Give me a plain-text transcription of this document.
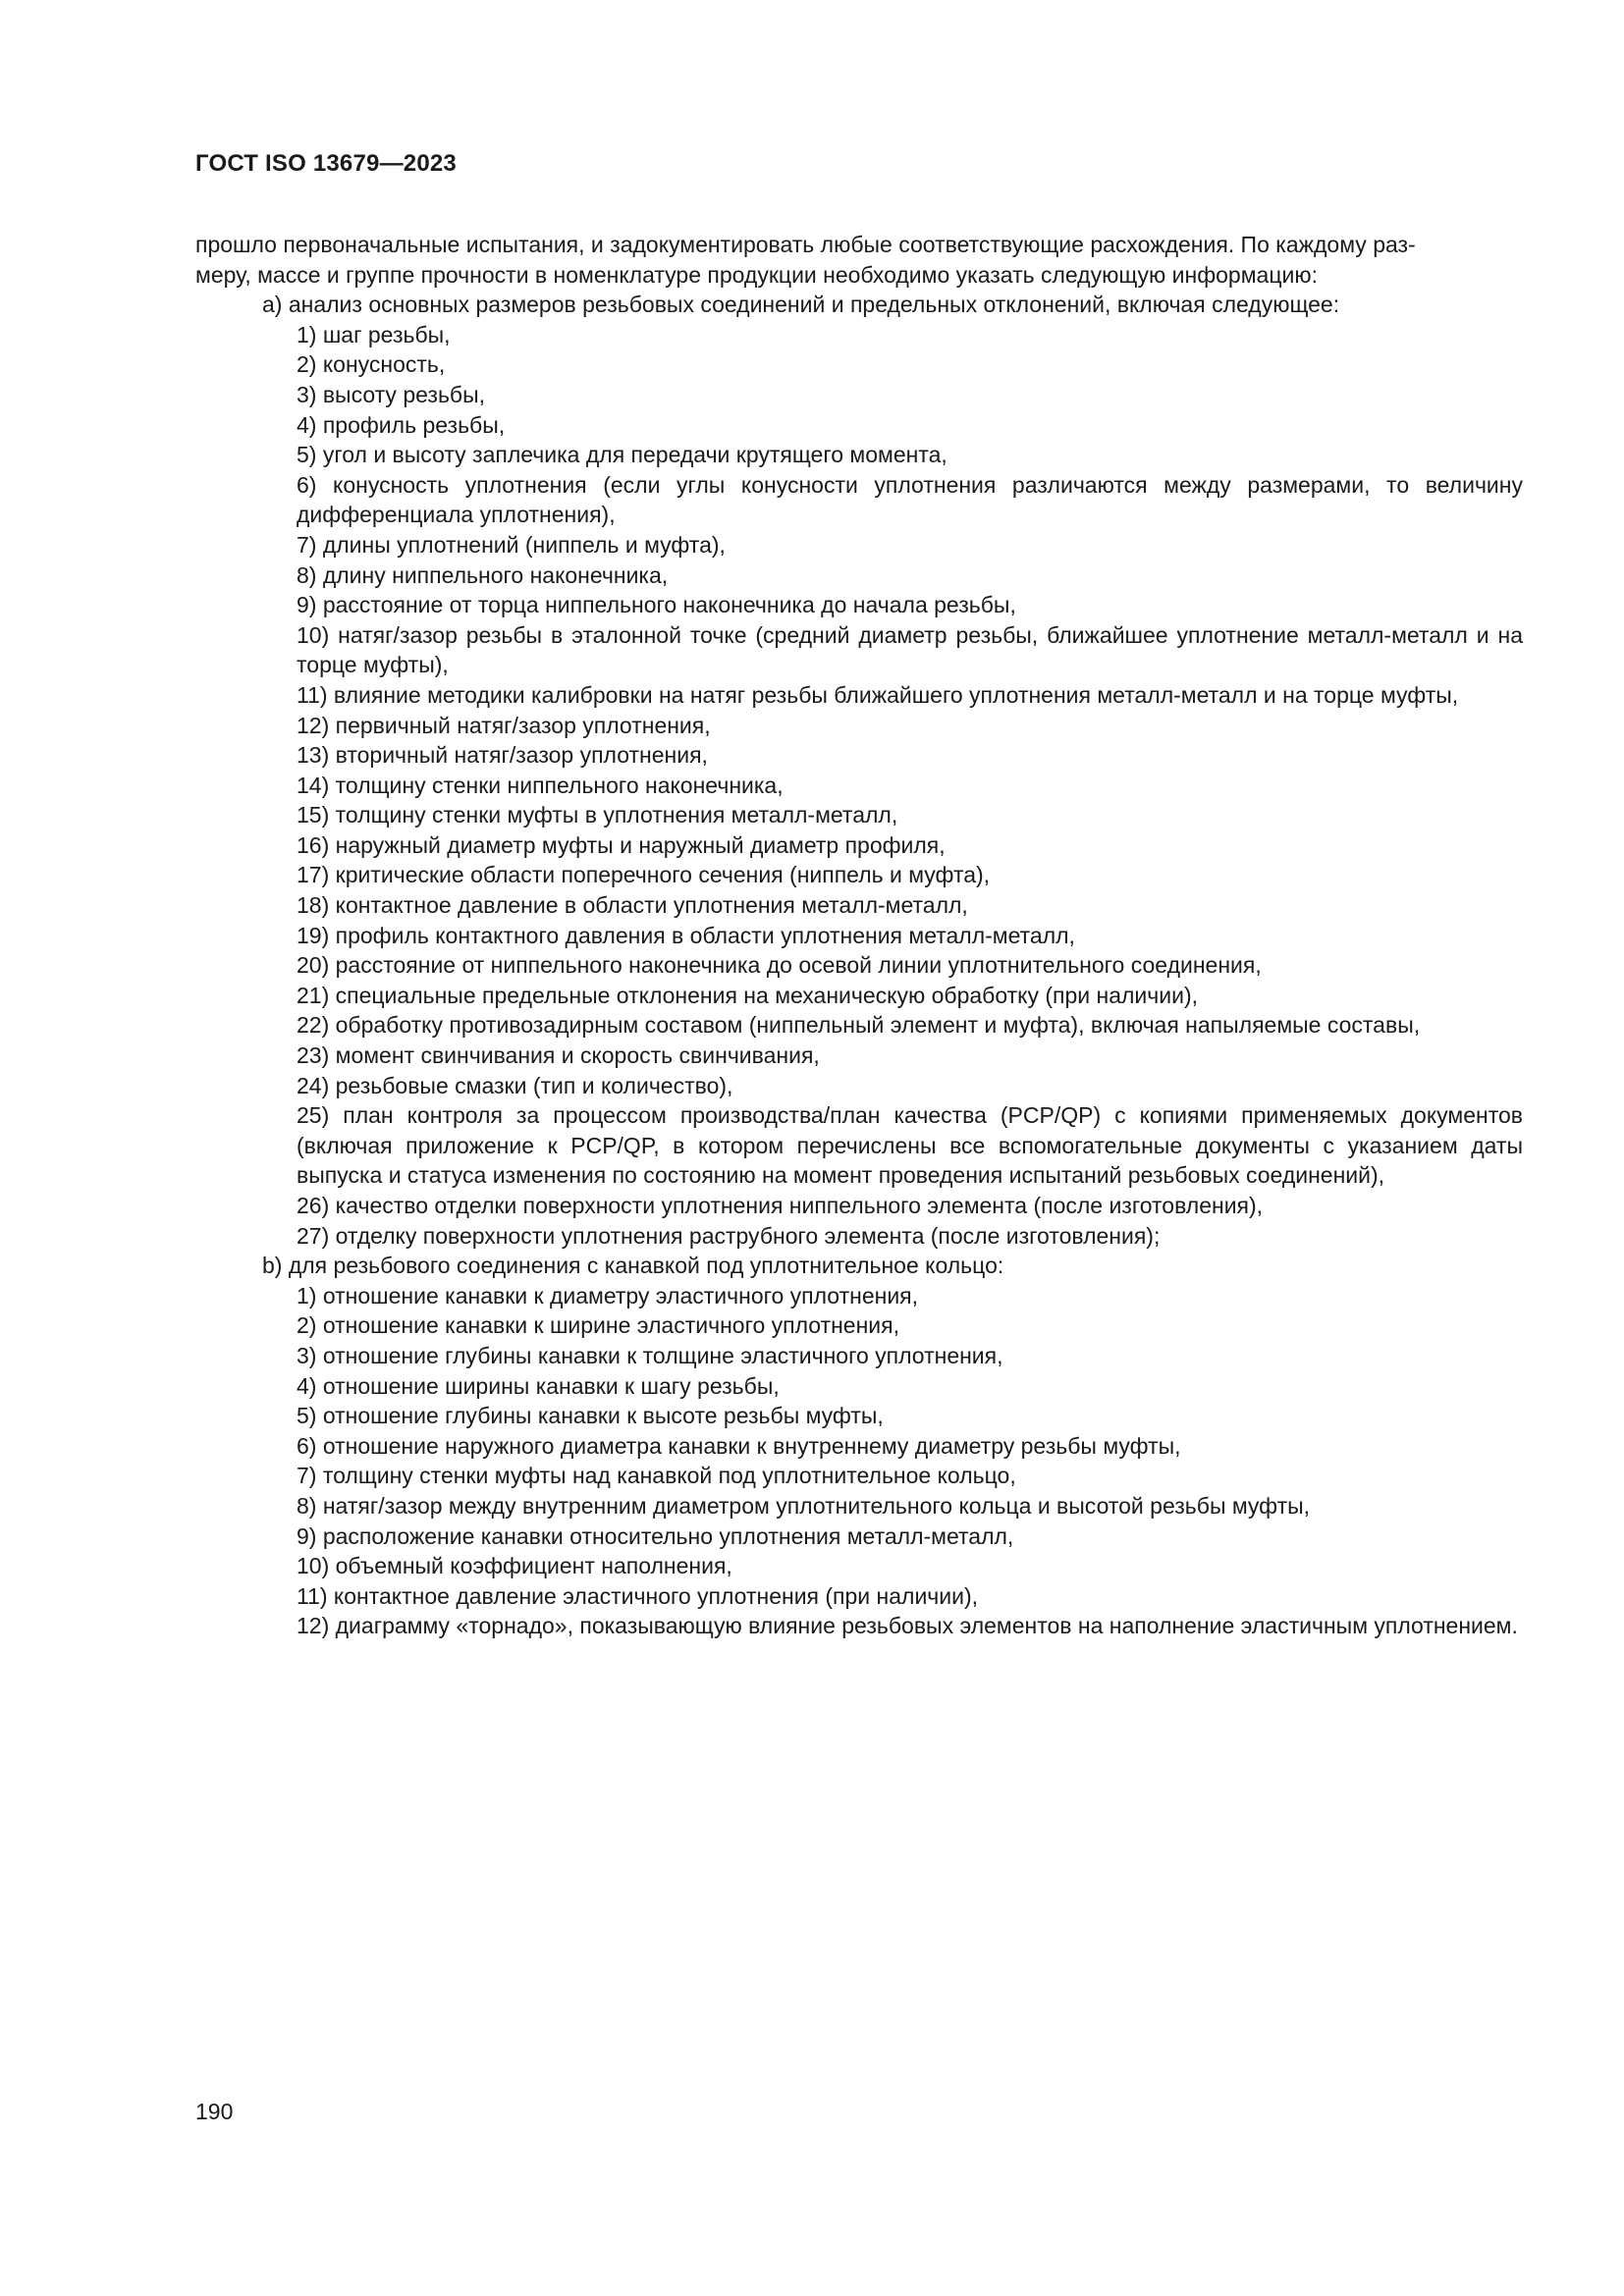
ГОСТ ISO 13679—2023

прошло первоначальные испытания, и задокументировать любые соответствующие расхождения. По каждому раз-
меру, массе и группе прочности в номенклатуре продукции необходимо указать следующую информацию:

а) анализ основных размеров резьбовых соединений и предельных отклонений, включая следующее:

1) шаг резьбы,

2) конусность,

3) высоту резьбы,

4) профиль резьбы,

5) угол и высоту заплечика для передачи крутящего момента,

6) конусность уплотнения (если углы конусности уплотнения различаются между размерами, то величину дифференциала уплотнения),

7) длины уплотнений (ниппель и муфта),

8) длину ниппельного наконечника,

9) расстояние от торца ниппельного наконечника до начала резьбы,

10) натяг/зазор резьбы в эталонной точке (средний диаметр резьбы, ближайшее уплотнение металл-металл и на торце муфты),

11) влияние методики калибровки на натяг резьбы ближайшего уплотнения металл-металл и на торце муфты,

12) первичный натяг/зазор уплотнения,

13) вторичный натяг/зазор уплотнения,

14) толщину стенки ниппельного наконечника,

15) толщину стенки муфты в уплотнения металл-металл,

16) наружный диаметр муфты и наружный диаметр профиля,

17) критические области поперечного сечения (ниппель и муфта),

18) контактное давление в области уплотнения металл-металл,

19) профиль контактного давления в области уплотнения металл-металл,

20) расстояние от ниппельного наконечника до осевой линии уплотнительного соединения,

21) специальные предельные отклонения на механическую обработку (при наличии),

22) обработку противозадирным составом (ниппельный элемент и муфта), включая напыляемые составы,

23) момент свинчивания и скорость свинчивания,

24) резьбовые смазки (тип и количество),

25) план контроля за процессом производства/план качества (PCP/QP) с копиями применяемых документов (включая приложение к PCP/QP, в котором перечислены все вспомогательные документы с указанием даты выпуска и статуса изменения по состоянию на момент проведения испытаний резьбовых соединений),

26) качество отделки поверхности уплотнения ниппельного элемента (после изготовления),

27) отделку поверхности уплотнения раструбного элемента (после изготовления);

b) для резьбового соединения с канавкой под уплотнительное кольцо:

1) отношение канавки к диаметру эластичного уплотнения,

2) отношение канавки к ширине эластичного уплотнения,

3) отношение глубины канавки к толщине эластичного уплотнения,

4) отношение ширины канавки к шагу резьбы,

5) отношение глубины канавки к высоте резьбы муфты,

6) отношение наружного диаметра канавки к внутреннему диаметру резьбы муфты,

7) толщину стенки муфты над канавкой под уплотнительное кольцо,

8) натяг/зазор между внутренним диаметром уплотнительного кольца и высотой резьбы муфты,

9) расположение канавки относительно уплотнения металл-металл,

10) объемный коэффициент наполнения,

11) контактное давление эластичного уплотнения (при наличии),

12) диаграмму «торнадо», показывающую влияние резьбовых элементов на наполнение эластичным уплотнением.

190
